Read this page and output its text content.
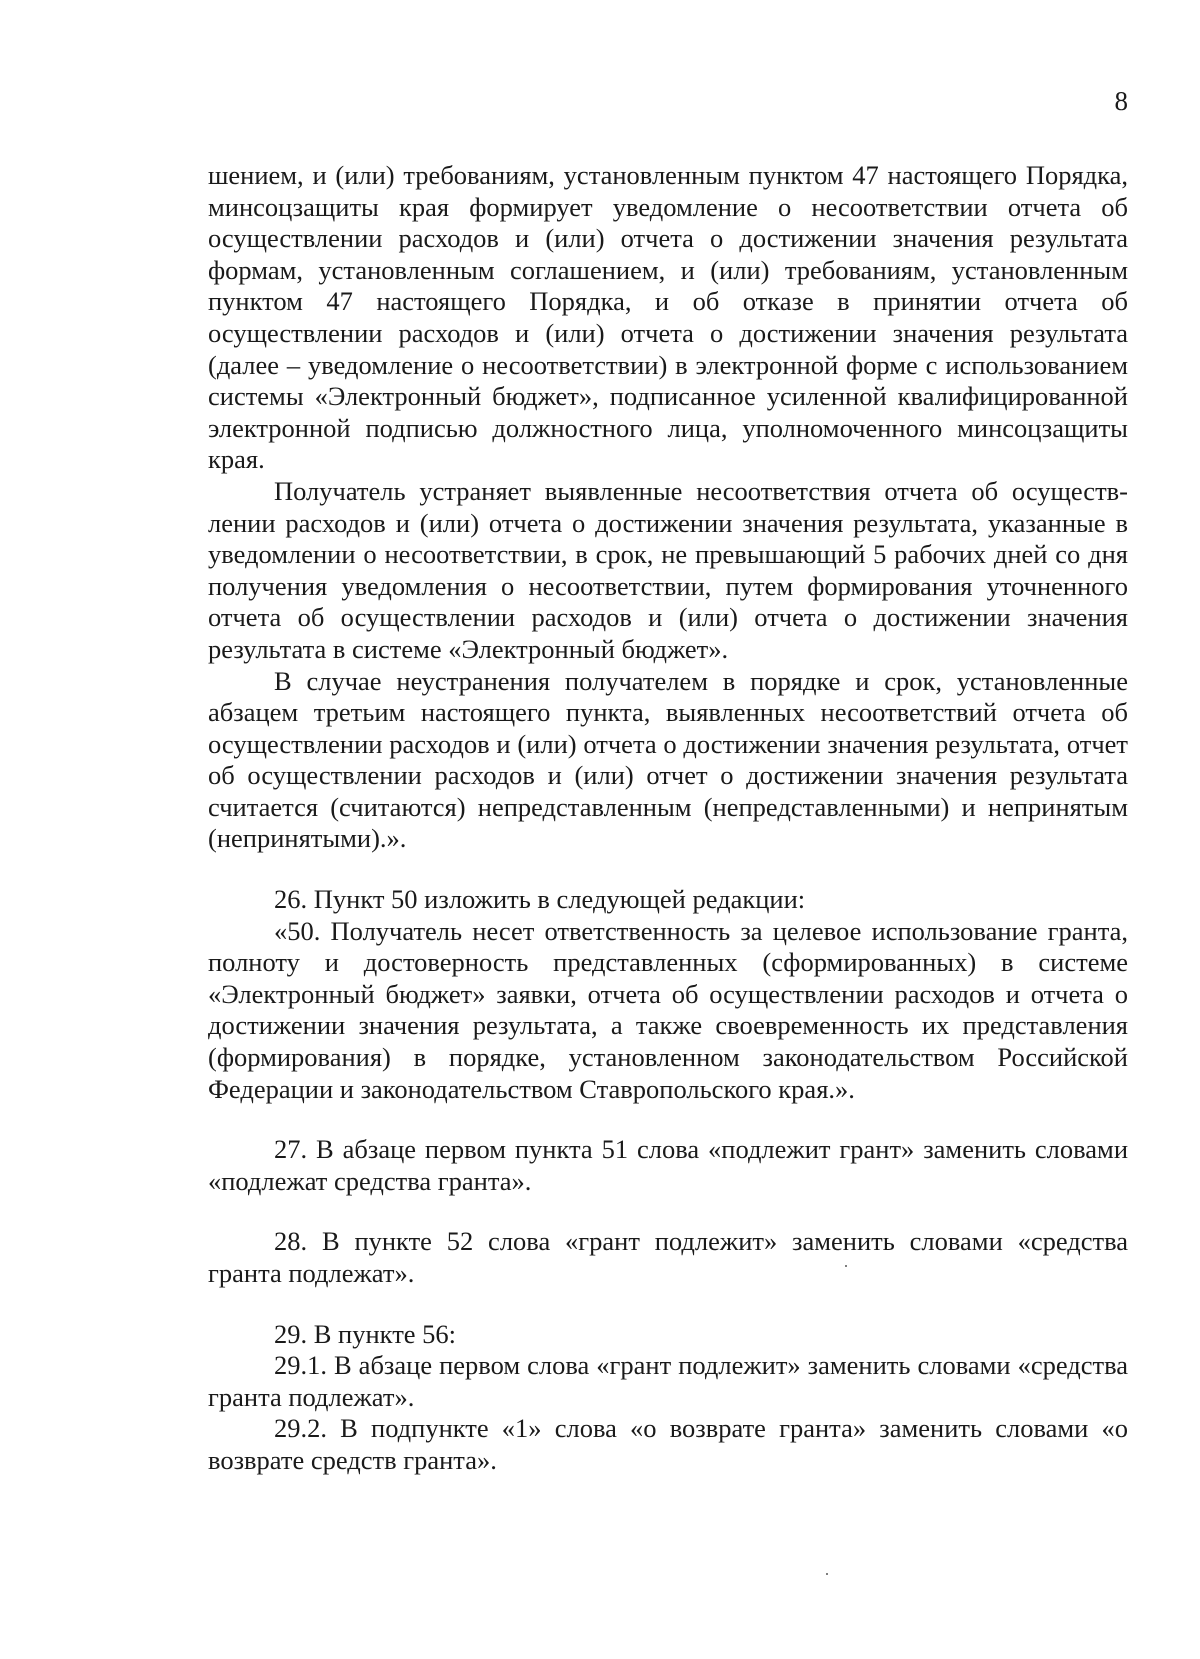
8

шением, и (или) требованиям, установленным пунктом 47 настоящего Порядка, минсоцзащиты края формирует уведомление о несоответствии отчета об осуществлении расходов и (или) отчета о достижении значения результата формам, установленным соглашением, и (или) требованиям, установленным пунктом 47 настоящего Порядка, и об отказе в принятии отчета об осуществлении расходов и (или) отчета о достижении значения результата (далее – уведомление о несоответствии) в электронной форме с использованием системы «Электронный бюджет», подписанное усиленной квалифицированной электронной подписью должностного лица, уполномоченного минсоцзащиты края.

Получатель устраняет выявленные несоответствия отчета об осуществлении расходов и (или) отчета о достижении значения результата, указанные в уведомлении о несоответствии, в срок, не превышающий 5 рабочих дней со дня получения уведомления о несоответствии, путем формирования уточненного отчета об осуществлении расходов и (или) отчета о достижении значения результата в системе «Электронный бюджет».

В случае неустранения получателем в порядке и срок, установленные абзацем третьим настоящего пункта, выявленных несоответствий отчета об осуществлении расходов и (или) отчета о достижении значения результата, отчет об осуществлении расходов и (или) отчет о достижении значения результата считается (считаются) непредставленным (непредставленными) и непринятым (непринятыми).».

26. Пункт 50 изложить в следующей редакции:

«50. Получатель несет ответственность за целевое использование гранта, полноту и достоверность представленных (сформированных) в системе «Электронный бюджет» заявки, отчета об осуществлении расходов и отчета о достижении значения результата, а также своевременность их представления (формирования) в порядке, установленном законодательством Российской Федерации и законодательством Ставропольского края.».

27. В абзаце первом пункта 51 слова «подлежит грант» заменить словами «подлежат средства гранта».

28. В пункте 52 слова «грант подлежит» заменить словами «средства гранта подлежат».

29. В пункте 56:

29.1. В абзаце первом слова «грант подлежит» заменить словами «средства гранта подлежат».

29.2. В подпункте «1» слова «о возврате гранта» заменить словами «о возврате средств гранта».
